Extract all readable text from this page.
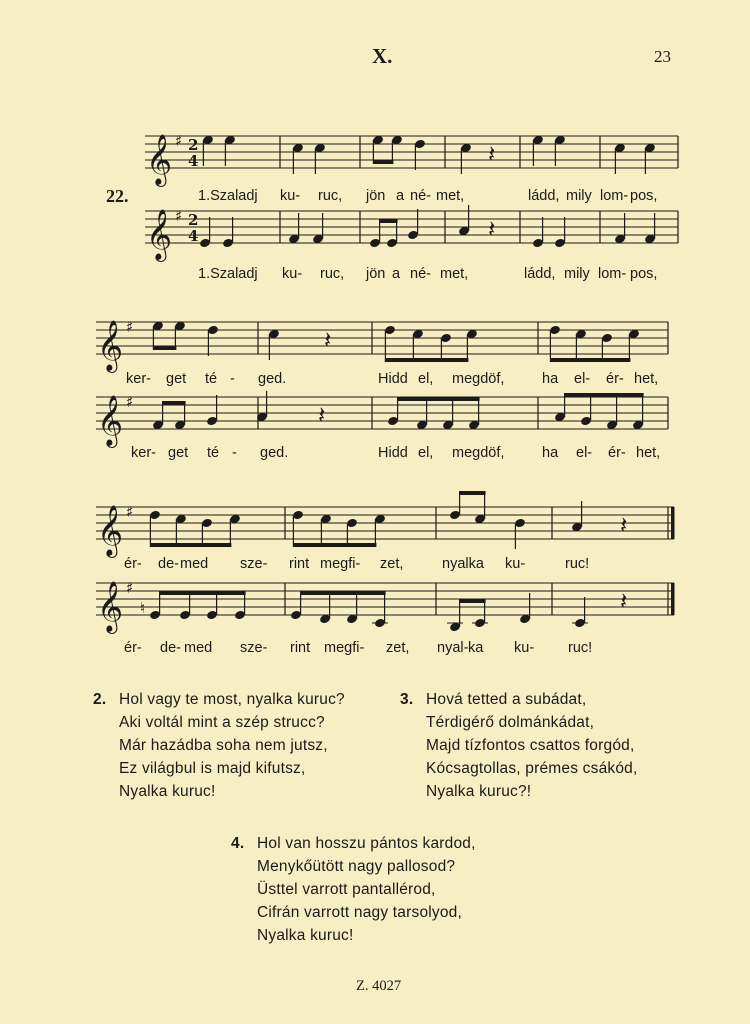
X.	23
22.
𝄞 ♯ 2
4
𝄞 ♯ 2
4
𝄽
𝄽
1.Szaladj ku- ruc, jön a né- met,	ládd, mily lom- pos,
1.Szaladj ku- ruc, jön a né- met,	ládd, mily lom- pos,
𝄞 ♯
𝄞 ♯
𝄽
𝄽
ker- get té - ged.	Hidd el, megdöf,	ha el- ér- het,
ker- get té - ged.	Hidd el, megdöf,	ha el- ér- het,
𝄞 ♯
𝄞 ♯
𝄽
♮	𝄽
ér- de- med sze- rint megfi- zet,	nyalka ku-	ruc!
ér- de- med sze- rint megfi- zet, nyal- ka ku- ruc!
2. Hol vagy te most, nyalka kuruc?
Aki voltál mint a szép strucc?
Már hazádba soha nem jutsz,
Ez világbul is majd kifutsz,
Nyalka kuruc!
3. Hová tetted a subádat,
Térdigérő dolmánkádat,
Majd tízfontos csattos forgód,
Kócsagtollas, prémes csákód,
Nyalka kuruc?!
4. Hol van hosszu pántos kardod,
Menykőütött nagy pallosod?
Üsttel varrott pantallérod,
Cifrán varrott nagy tarsolyod,
Nyalka kuruc!
Z. 4027
